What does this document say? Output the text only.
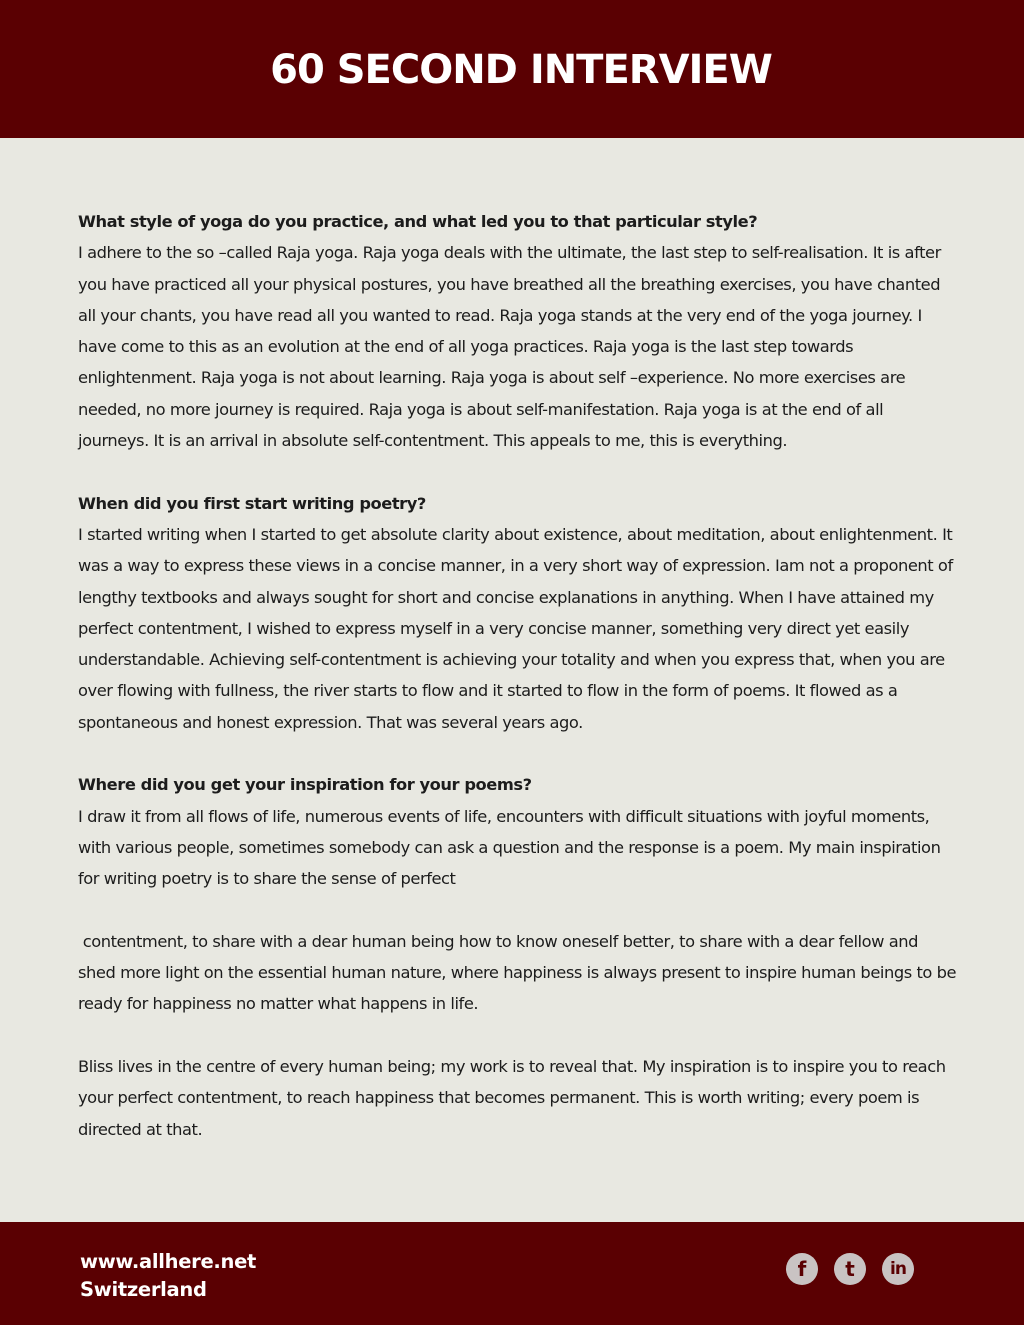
60 SECOND INTERVIEW

What style of yoga do you practice, and what led you to that particular style?
I adhere to the so –called Raja yoga. Raja yoga deals with the ultimate, the last step to self-realisation. It is after you have practiced all your physical postures, you have breathed all the breathing exercises, you have chanted all your chants, you have read all you wanted to read. Raja yoga stands at the very end of the yoga journey. I have come to this as an evolution at the end of all yoga practices. Raja yoga is the last step towards enlightenment. Raja yoga is not about learning. Raja yoga is about self –experience. No more exercises are needed, no more journey is required. Raja yoga is about self-manifestation. Raja yoga is at the end of all journeys. It is an arrival in absolute self-contentment. This appeals to me, this is everything.

When did you first start writing poetry?
I started writing when I started to get absolute clarity about existence, about meditation, about enlightenment. It was a way to express these views in a concise manner, in a very short way of expression. Iam not a proponent of lengthy textbooks and always sought for short and concise explanations in anything. When I have attained my perfect contentment, I wished to express myself in a very concise manner, something very direct yet easily understandable. Achieving self-contentment is achieving your totality and when you express that, when you are over flowing with fullness, the river starts to flow and it started to flow in the form of poems. It flowed as a spontaneous and honest expression. That was several years ago.

Where did you get your inspiration for your poems?
I draw it from all flows of life, numerous events of life, encounters with difficult situations with joyful moments, with various people, sometimes somebody can ask a question and the response is a poem. My main inspiration for writing poetry is to share the sense of perfect

contentment, to share with a dear human being how to know oneself better, to share with a dear fellow and shed more light on the essential human nature, where happiness is always present to inspire human beings to be ready for happiness no matter what happens in life.

Bliss lives in the centre of every human being; my work is to reveal that. My inspiration is to inspire you to reach your perfect contentment, to reach happiness that becomes permanent. This is worth writing; every poem is directed at that.

www.allhere.net
Switzerland
f	t	in
